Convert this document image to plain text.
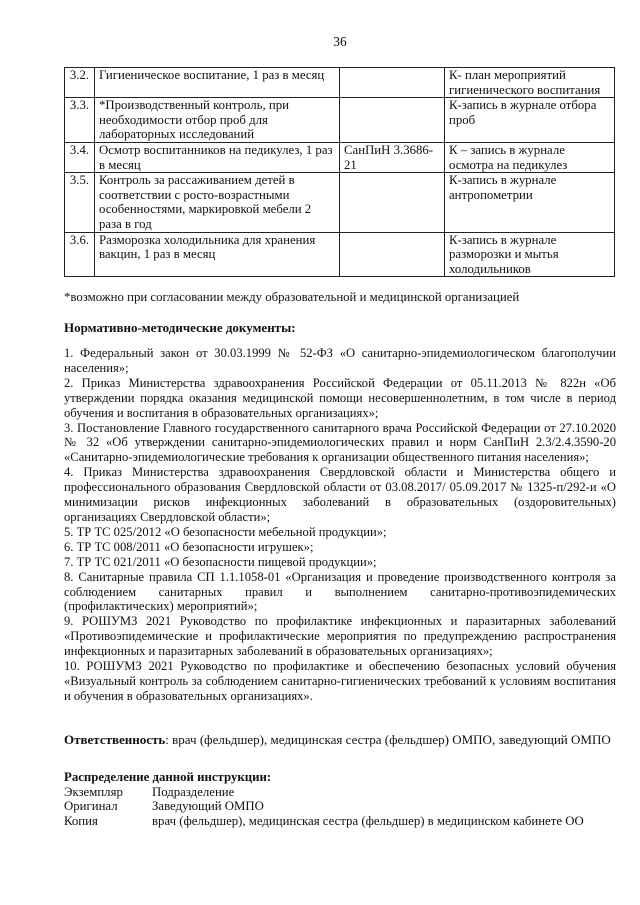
36
3.2.	Гигиеническое воспитание, 1 раз в месяц		К- план мероприятий гигиенического воспитания
3.3.	*Производственный контроль, при необходимости отбор проб для лабораторных исследований		К-запись в журнале отбора проб
3.4.	Осмотр воспитанников на педикулез, 1 раз в месяц	СанПиН 3.3686-21	К – запись в журнале осмотра на педикулез
3.5.	Контроль за рассаживанием детей в соответствии с росто-возрастными особенностями, маркировкой мебели 2 раза в год		К-запись в журнале антропометрии
3.6.	Разморозка холодильника для хранения вакцин, 1 раз в месяц		К-запись в журнале разморозки и мытья холодильников
*возможно при согласовании между образовательной и медицинской организацией
Нормативно-методические документы:

1. Федеральный закон от 30.03.1999 № 52-ФЗ «О санитарно-эпидемиологическом благополучии населения»;

2. Приказ Министерства здравоохранения Российской Федерации от 05.11.2013 № 822н «Об утверждении порядка оказания медицинской помощи несовершеннолетним, в том числе в период обучения и воспитания в образовательных организациях»;

3. Постановление Главного государственного санитарного врача Российской Федерации от 27.10.2020 № 32 «Об утверждении санитарно-эпидемиологических правил и норм СанПиН 2.3/2.4.3590-20 «Санитарно-эпидемиологические требования к организации общественного питания населения»;

4. Приказ Министерства здравоохранения Свердловской области и Министерства общего и профессионального образования Свердловской области от 03.08.2017/ 05.09.2017 № 1325-п/292-и «О минимизации рисков инфекционных заболеваний в образовательных (оздоровительных) организациях Свердловской области»;

5. ТР ТС 025/2012 «О безопасности мебельной продукции»;

6. ТР ТС 008/2011 «О безопасности игрушек»;

7. ТР ТС 021/2011 «О безопасности пищевой продукции»;

8. Санитарные правила СП 1.1.1058-01 «Организация и проведение производственного контроля за соблюдением санитарных правил и выполнением санитарно-противоэпидемических (профилактических) мероприятий»;

9. РОШУМЗ 2021 Руководство по профилактике инфекционных и паразитарных заболеваний «Противоэпидемические и профилактические мероприятия по предупреждению распространения инфекционных и паразитарных заболеваний в образовательных организациях»;

10. РОШУМЗ 2021 Руководство по профилактике и обеспечению безопасных условий обучения «Визуальный контроль за соблюдением санитарно-гигиенических требований к условиям воспитания и обучения в образовательных организациях».

Ответственность: врач (фельдшер), медицинская сестра (фельдшер) ОМПО, заведующий ОМПО
Распределение данной инструкции:
Экземпляр	Подразделение
Оригинал	Заведующий ОМПО
Копия	врач (фельдшер), медицинская сестра (фельдшер) в медицинском кабинете ОО
